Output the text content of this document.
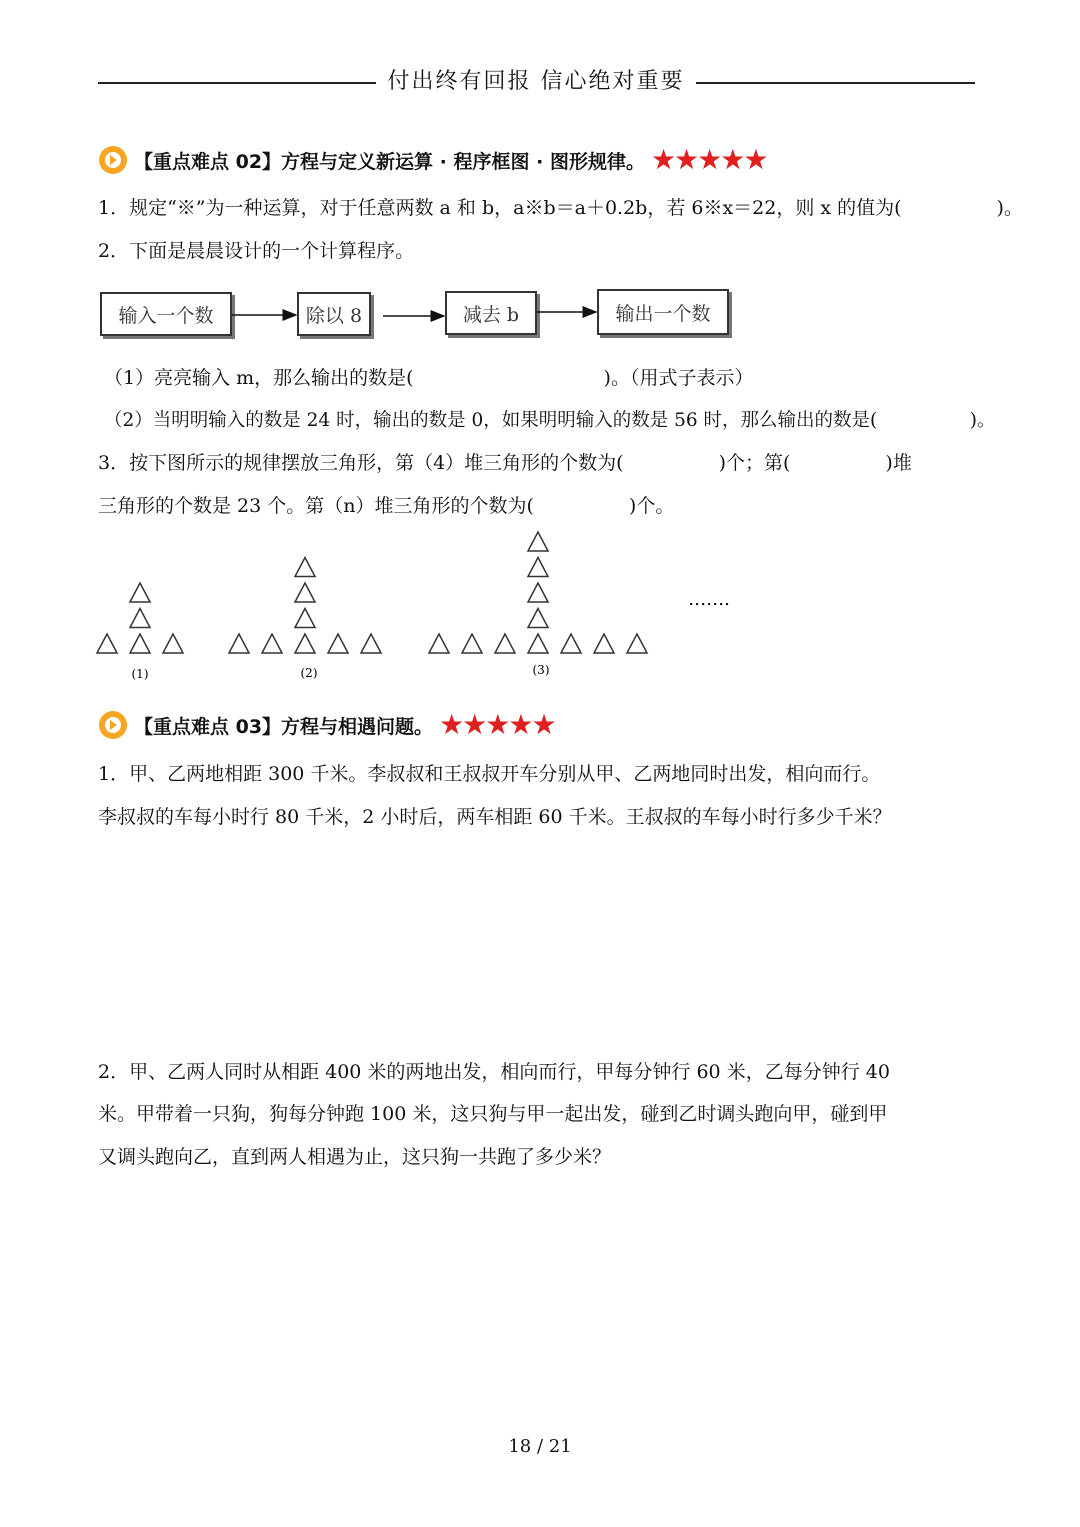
付出终有回报 信心绝对重要
【重点难点 02】方程与定义新运算 · 程序框图 · 图形规律。 ★★★★★
1．规定“※”为一种运算，对于任意两数 a 和 b，a※b＝a＋0.2b，若 6※x＝22，则 x 的值为(　　　　　)。
2．下面是晨晨设计的一个计算程序。
输入一个数	除以 8	减去 b	输出一个数
（1）亮亮输入 m，那么输出的数是(　　　　　　　　　　)。（用式子表示）
（2）当明明输入的数是 24 时，输出的数是 0，如果明明输入的数是 56 时，那么输出的数是(　　　　　)。
3．按下图所示的规律摆放三角形，第（4）堆三角形的个数为(　　　　　)个；第(　　　　　)堆
三角形的个数是 23 个。第（n）堆三角形的个数为(　　　　　)个。
(1)	(2)	(3)
…….
【重点难点 03】方程与相遇问题。 ★★★★★
1．甲、乙两地相距 300 千米。李叔叔和王叔叔开车分别从甲、乙两地同时出发，相向而行。
李叔叔的车每小时行 80 千米，2 小时后，两车相距 60 千米。王叔叔的车每小时行多少千米？
2．甲、乙两人同时从相距 400 米的两地出发，相向而行，甲每分钟行 60 米，乙每分钟行 40
米。甲带着一只狗，狗每分钟跑 100 米，这只狗与甲一起出发，碰到乙时调头跑向甲，碰到甲
又调头跑向乙，直到两人相遇为止，这只狗一共跑了多少米？
18 / 21
